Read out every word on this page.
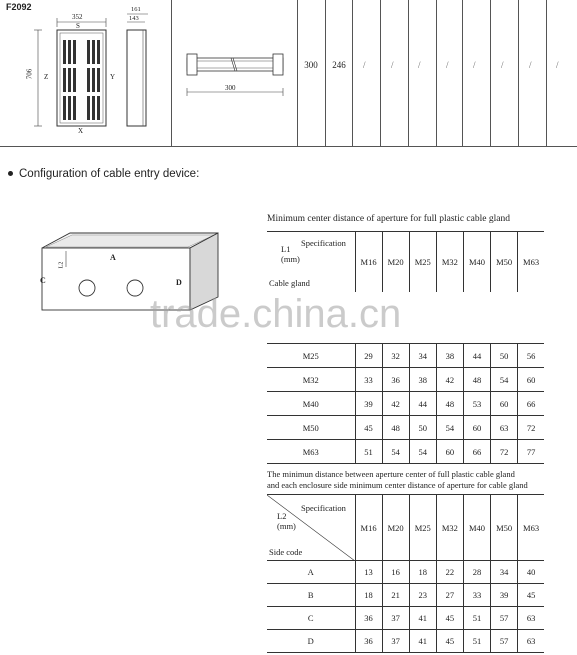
F2092
352
S
Z	Y
X
706
161
143
300
300	246	/	/	/	/	/	/	/	/
Configuration of cable entry device:
A
C	D
L2
Minimum center distance of aperture for full plastic cable gland
Specification
L1
(mm)
Cable gland	M16	M20	M25	M32	M40	M50	M63

M25	29	32	34	38	44	50	56
M32	33	36	38	42	48	54	60
M40	39	42	44	48	53	60	66
M50	45	48	50	54	60	63	72
M63	51	54	54	60	66	72	77
trade.china.cn
The minimun distance between aperture center of full plastic cable gland
and each enclosure side minimum center distance of aperture for cable gland
Specification
L2
(mm)
Side code	M16	M20	M25	M32	M40	M50	M63
A	13	16	18	22	28	34	40
B	18	21	23	27	33	39	45
C	36	37	41	45	51	57	63
D	36	37	41	45	51	57	63
